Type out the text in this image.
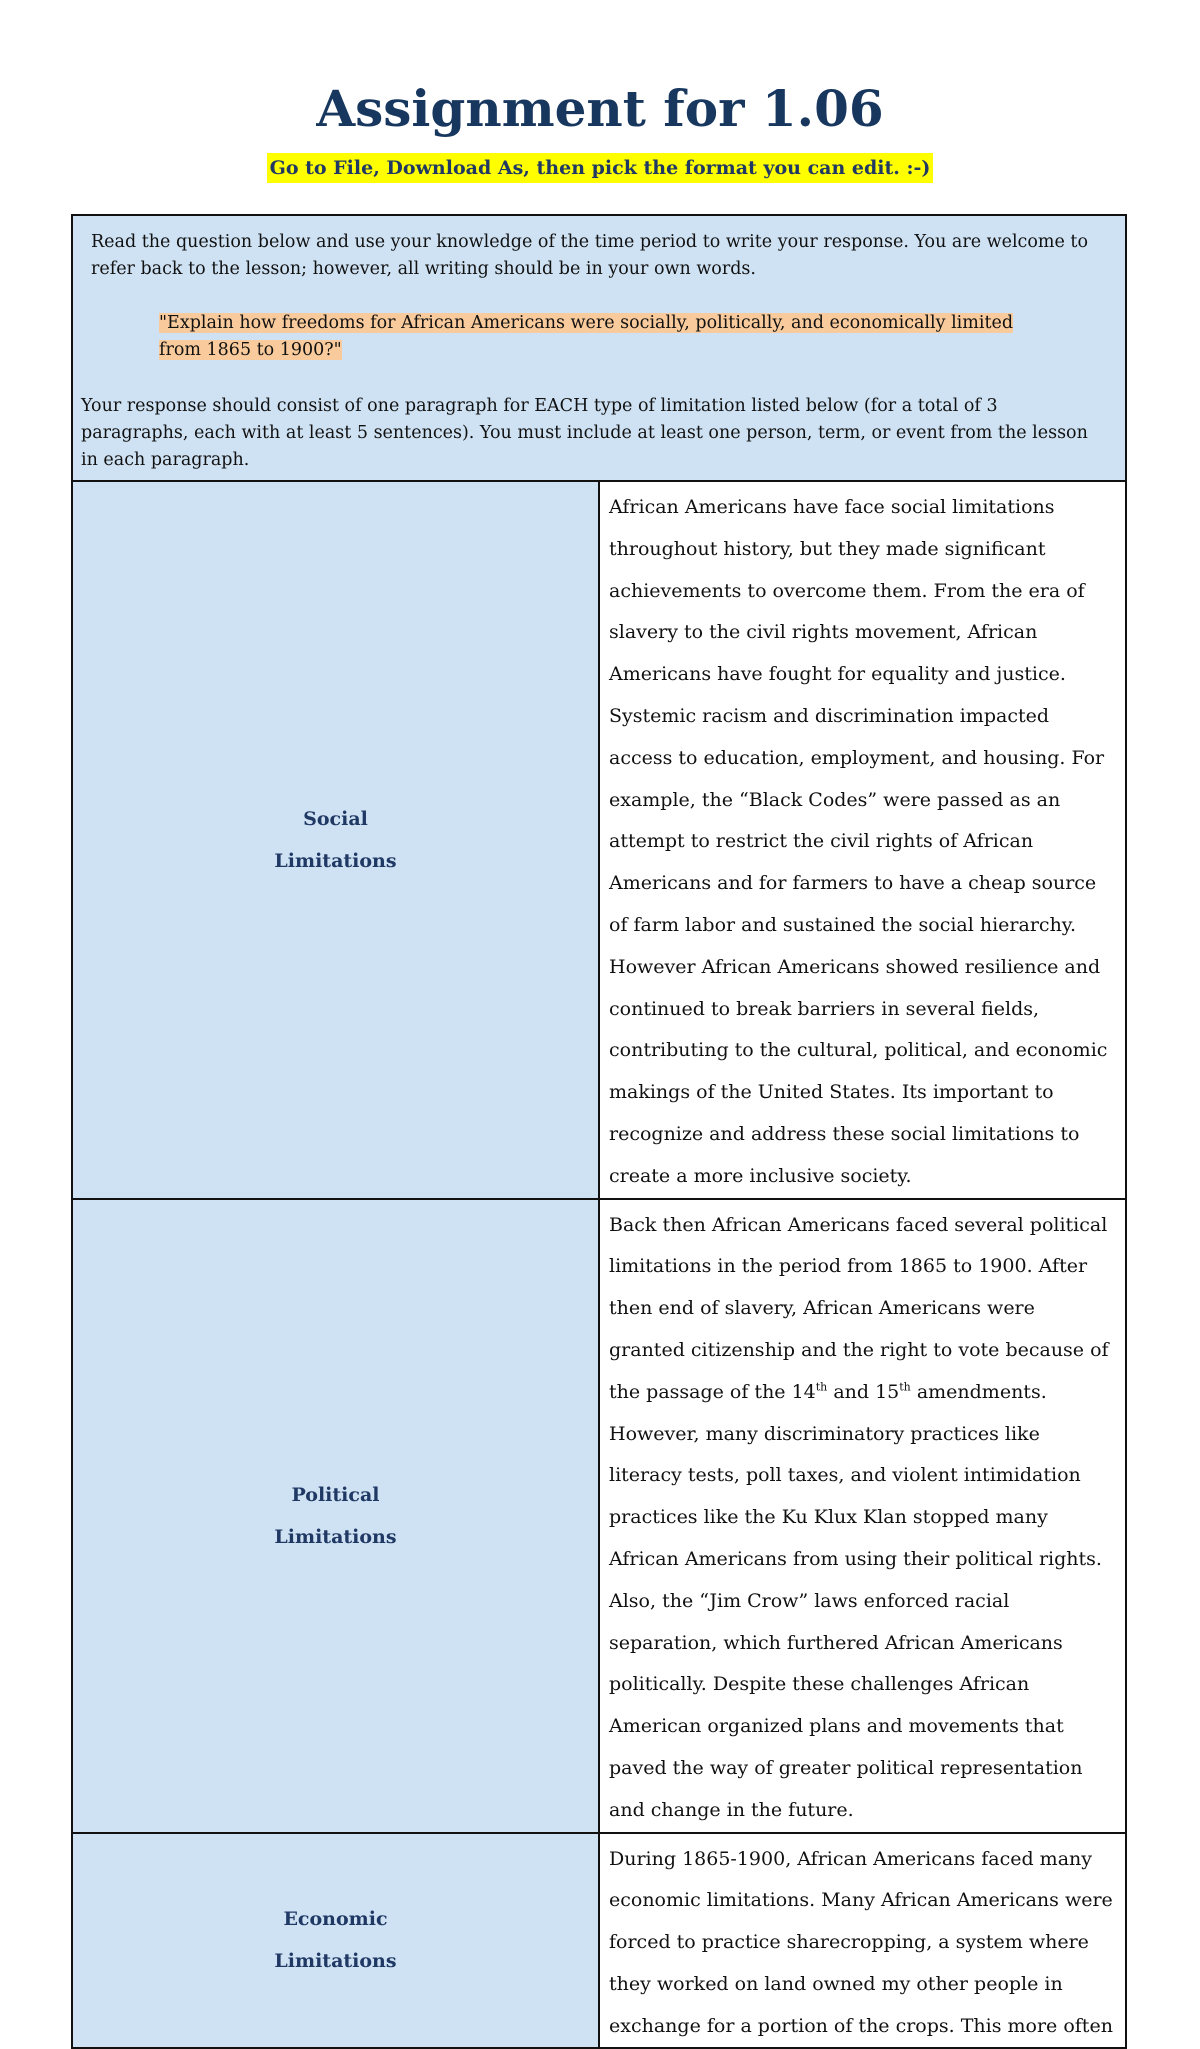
Assignment for 1.06
Go to File, Download As, then pick the format you can edit. :-)
Read the question below and use your knowledge of the time period to write your response. You are welcome to refer back to the lesson; however, all writing should be in your own words.
"Explain how freedoms for African Americans were socially, politically, and economically limited from 1865 to 1900?"
Your response should consist of one paragraph for EACH type of limitation listed below (for a total of 3 paragraphs, each with at least 5 sentences). You must include at least one person, term, or event from the lesson in each paragraph.	

Social
Limitations	African Americans have face social limitations throughout history, but they made significant achievements to overcome them. From the era of slavery to the civil rights movement, African Americans have fought for equality and justice. Systemic racism and discrimination impacted access to education, employment, and housing. For example, the “Black Codes” were passed as an attempt to restrict the civil rights of African Americans and for farmers to have a cheap source of farm labor and sustained the social hierarchy. However African Americans showed resilience and continued to break barriers in several fields, contributing to the cultural, political, and economic makings of the United States. Its important to recognize and address these social limitations to create a more inclusive society.

Political
Limitations	Back then African Americans faced several political limitations in the period from 1865 to 1900. After then end of slavery, African Americans were granted citizenship and the right to vote because of the passage of the 14th and 15th amendments. However, many discriminatory practices like literacy tests, poll taxes, and violent intimidation practices like the Ku Klux Klan stopped many African Americans from using their political rights. Also, the “Jim Crow” laws enforced racial separation, which furthered African Americans politically. Despite these challenges African American organized plans and movements that paved the way of greater political representation and change in the future.

Economic
Limitations	During 1865-1900, African Americans faced many economic limitations. Many African Americans were forced to practice sharecropping, a system where they worked on land owned my other people in exchange for a portion of the crops. This more often
